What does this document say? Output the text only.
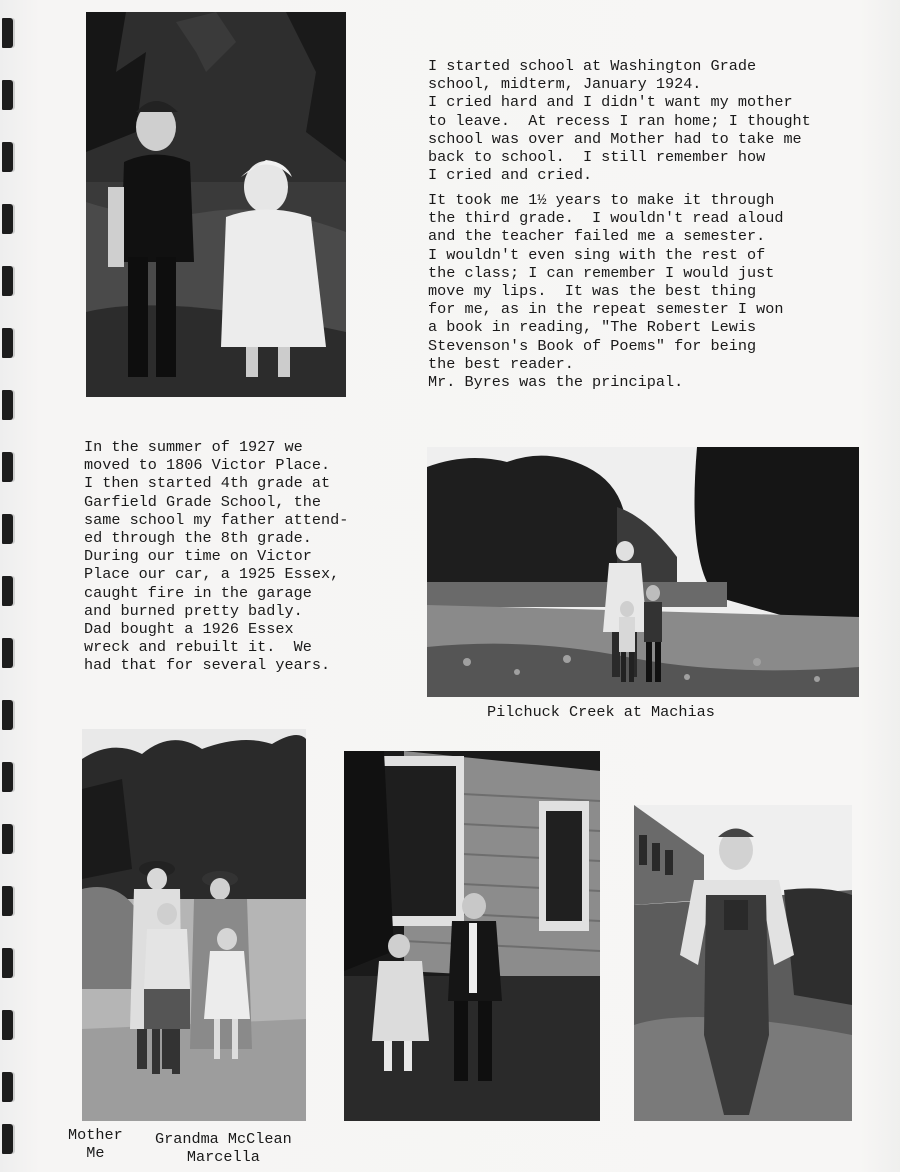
I started school at Washington Grade
school, midterm, January 1924.
I cried hard and I didn't want my mother
to leave.  At recess I ran home; I thought
school was over and Mother had to take me
back to school.  I still remember how
I cried and cried.
It took me 1½ years to make it through
the third grade.  I wouldn't read aloud
and the teacher failed me a semester.
I wouldn't even sing with the rest of
the class; I can remember I would just
move my lips.  It was the best thing
for me, as in the repeat semester I won
a book in reading, "The Robert Lewis
Stevenson's Book of Poems" for being
the best reader.
Mr. Byres was the principal.
In the summer of 1927 we
moved to 1806 Victor Place.
I then started 4th grade at
Garfield Grade School, the
same school my father attend-
ed through the 8th grade.
During our time on Victor
Place our car, a 1925 Essex,
caught fire in the garage
and burned pretty badly.
Dad bought a 1926 Essex
wreck and rebuilt it.  We
had that for several years.
Pilchuck Creek at Machias
Mother
Me
Grandma McClean
Marcella
